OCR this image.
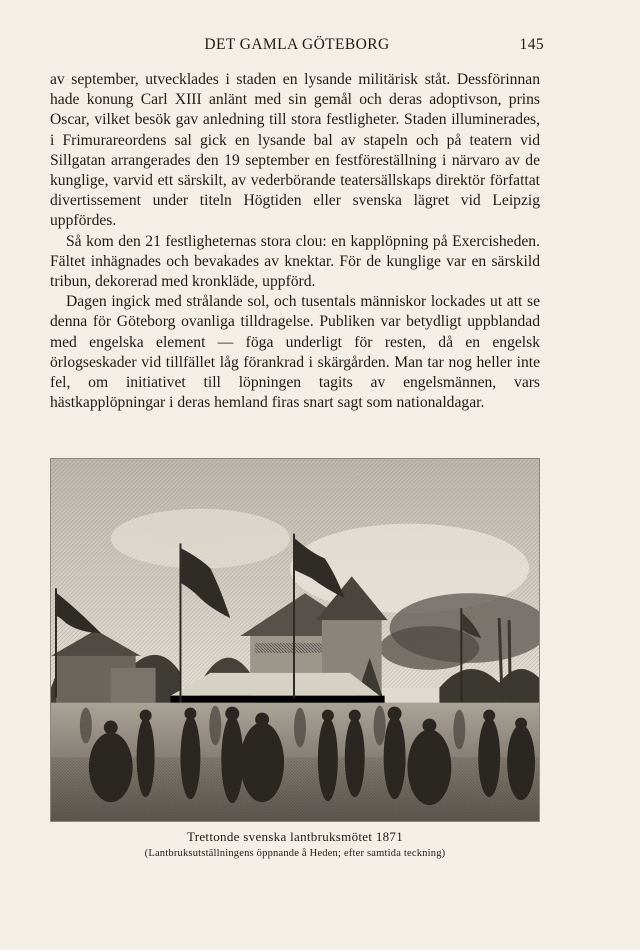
DET GAMLA GÖTEBORG	145

av september, utvecklades i staden en lysande militärisk ståt. Dessförinnan hade konung Carl XIII anlänt med sin gemål och deras adoptivson, prins Oscar, vilket besök gav anledning till stora festligheter. Staden illuminerades, i Frimurareordens sal gick en lysande bal av stapeln och på teatern vid Sillgatan arrangerades den 19 september en festföreställning i närvaro av de kunglige, varvid ett särskilt, av vederbörande teatersällskaps direktör författat divertissement under titeln Högtiden eller svenska lägret vid Leipzig uppfördes.

Så kom den 21 festligheternas stora clou: en kapplöpning på Exercisheden. Fältet inhägnades och bevakades av knektar. För de kunglige var en särskild tribun, dekorerad med kronkläde, uppförd.

Dagen ingick med strålande sol, och tusentals människor lockades ut att se denna för Göteborg ovanliga tilldragelse. Publiken var betydligt uppblandad med engelska element — föga underligt för resten, då en engelsk örlogseskader vid tillfället låg förankrad i skärgården. Man tar nog heller inte fel, om initiativet till löpningen tagits av engelsmännen, vars hästkapplöpningar i deras hemland firas snart sagt som nationaldagar.

Trettonde svenska lantbruksmötet 1871
(Lantbruksutställningens öppnande å Heden; efter samtida teckning)
